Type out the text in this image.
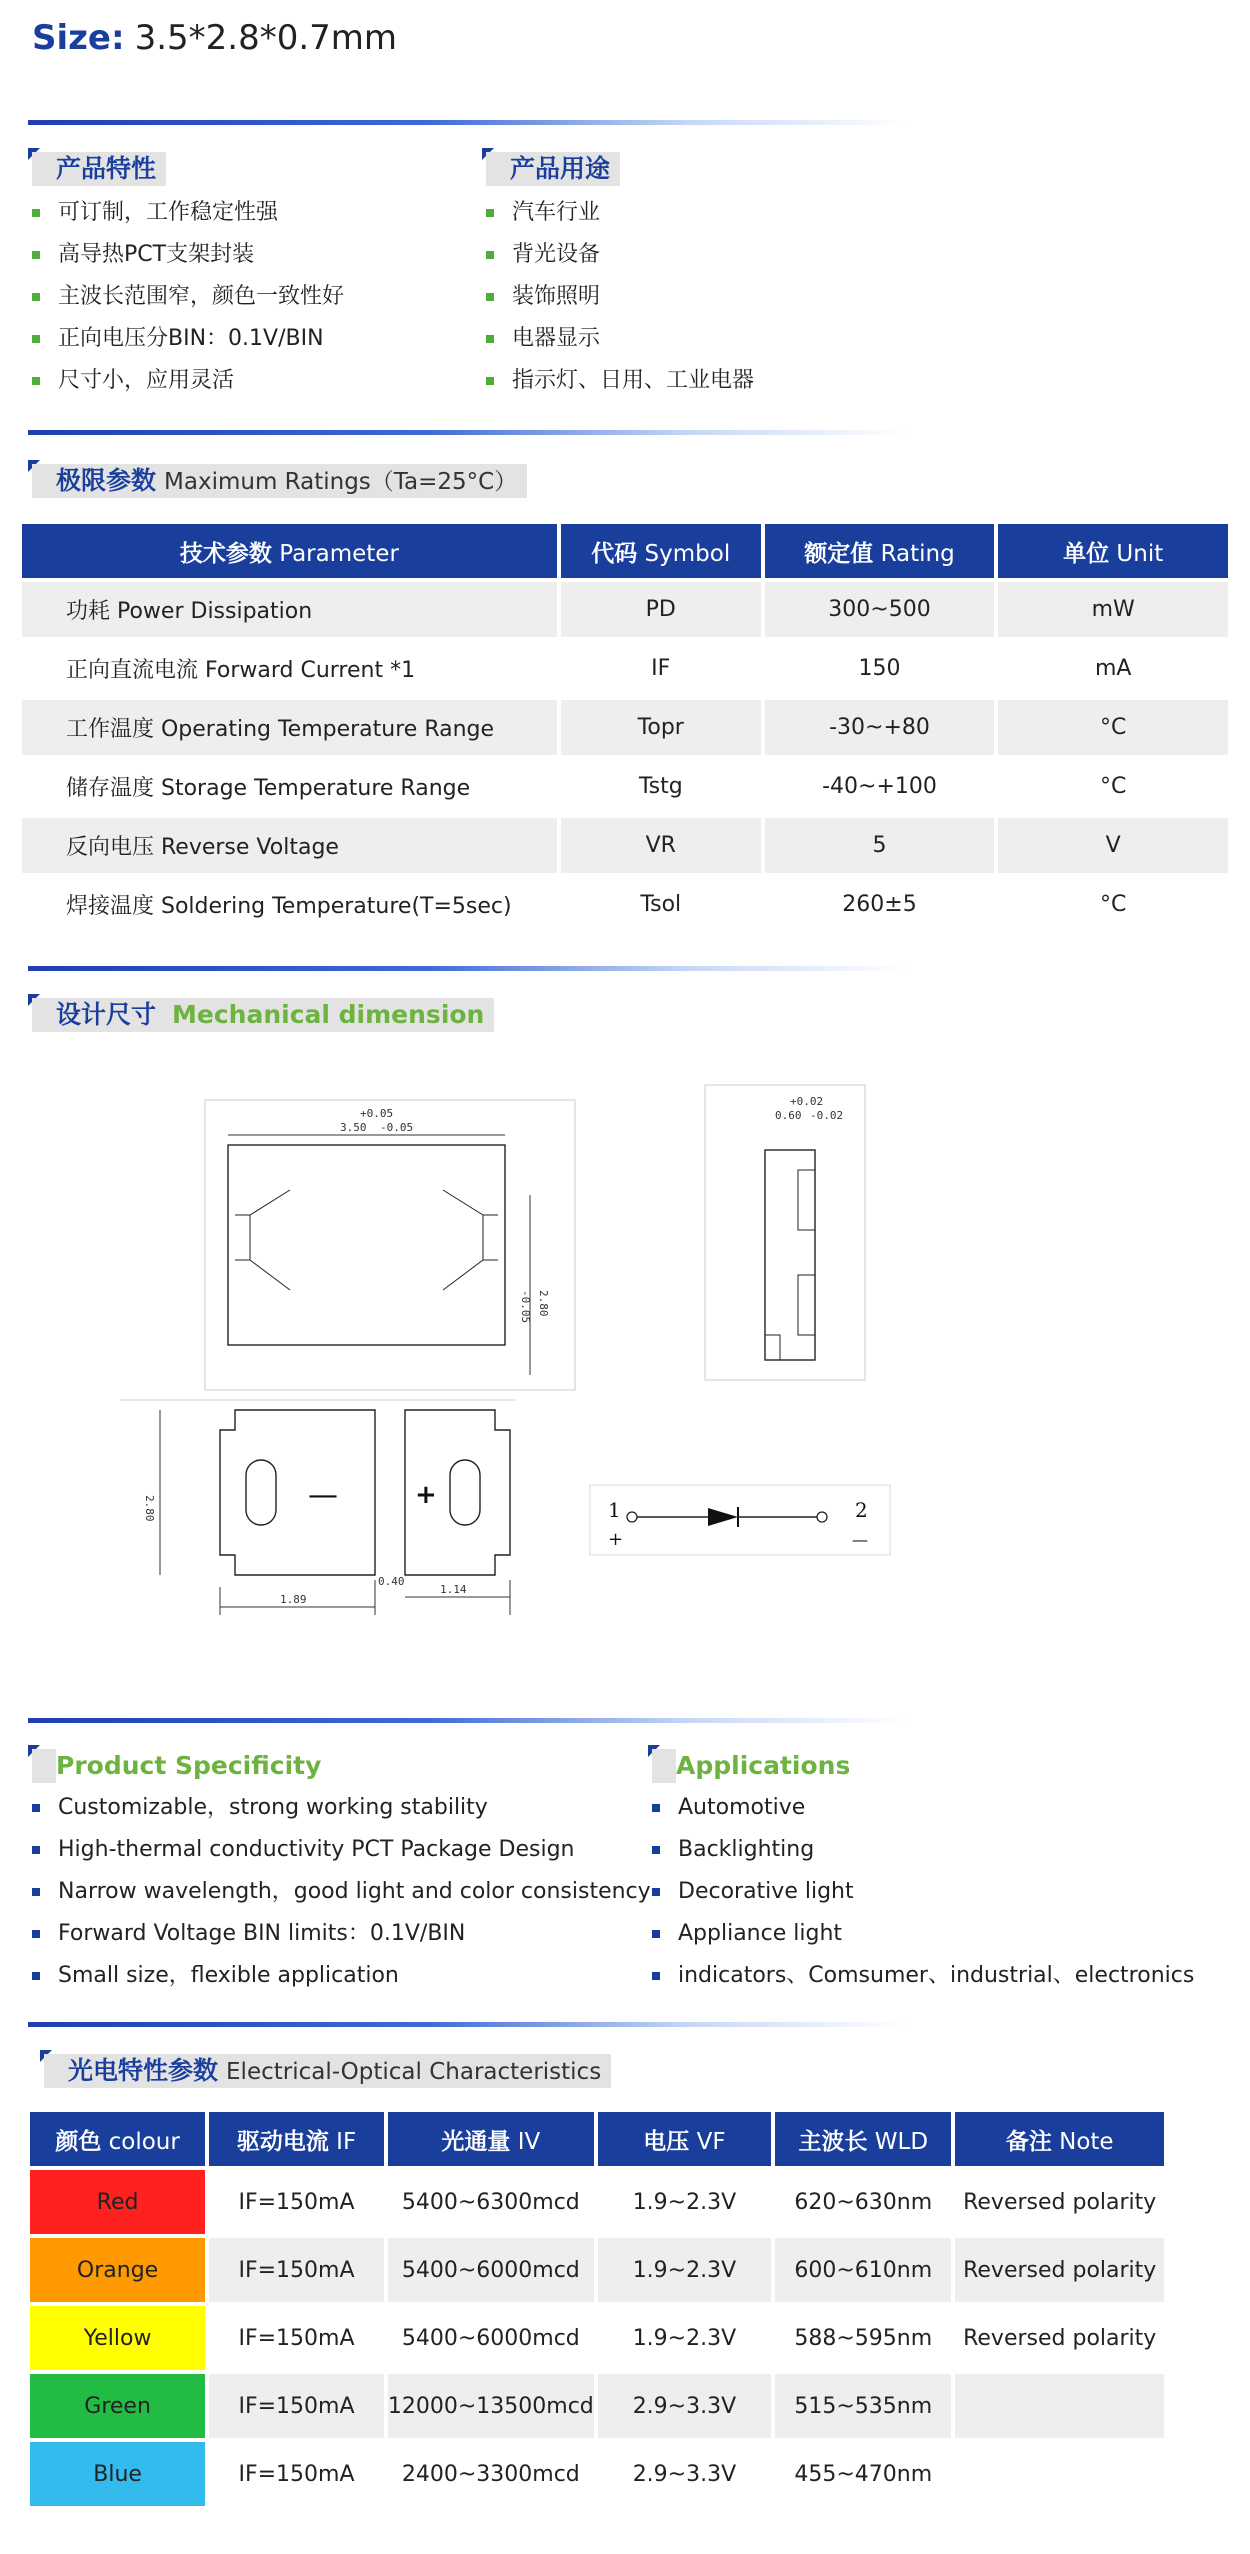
Size: 3.5*2.8*0.7mm
产品特性
可订制，工作稳定性强
高导热PCT支架封装
主波长范围窄，颜色一致性好
正向电压分BIN：0.1V/BIN
尺寸小，应用灵活
产品用途
汽车行业
背光设备
装饰照明
电器显示
指示灯、日用、工业电器
极限参数 Maximum Ratings（Ta=25°C）
技术参数 Parameter	代码 Symbol	额定值 Rating	单位 Unit
功耗 Power Dissipation	PD	300~500	mW
正向直流电流 Forward Current *1	IF	150	mA
工作温度 Operating Temperature Range	Topr	-30~+80	°C
储存温度 Storage Temperature Range	Tstg	-40~+100	°C
反向电压 Reverse Voltage	VR	5	V
焊接温度 Soldering Temperature(T=5sec)	Tsol	260±5	°C
设计尺寸 Mechanical dimension
+0.05
3.50 -0.05
2.80
-0.05
+0.02
0.60 -0.02
—	+
2.80
1.89
0.40
1.14
1
+
2
—
Product Specificity
Customizable，strong working stability
High-thermal conductivity PCT Package Design
Narrow wavelength，good light and color consistency
Forward Voltage BIN limits：0.1V/BIN
Small size，flexible application
Applications
Automotive
Backlighting
Decorative light
Appliance light
indicators、Comsumer、industrial、electronics
光电特性参数 Electrical-Optical Characteristics
颜色 colour	驱动电流 IF	光通量 IV	电压 VF	主波长 WLD	备注 Note
Red	IF=150mA	5400~6300mcd	1.9~2.3V	620~630nm	Reversed polarity
Orange	IF=150mA	5400~6000mcd	1.9~2.3V	600~610nm	Reversed polarity
Yellow	IF=150mA	5400~6000mcd	1.9~2.3V	588~595nm	Reversed polarity
Green	IF=150mA	12000~13500mcd	2.9~3.3V	515~535nm	
Blue	IF=150mA	2400~3300mcd	2.9~3.3V	455~470nm	
